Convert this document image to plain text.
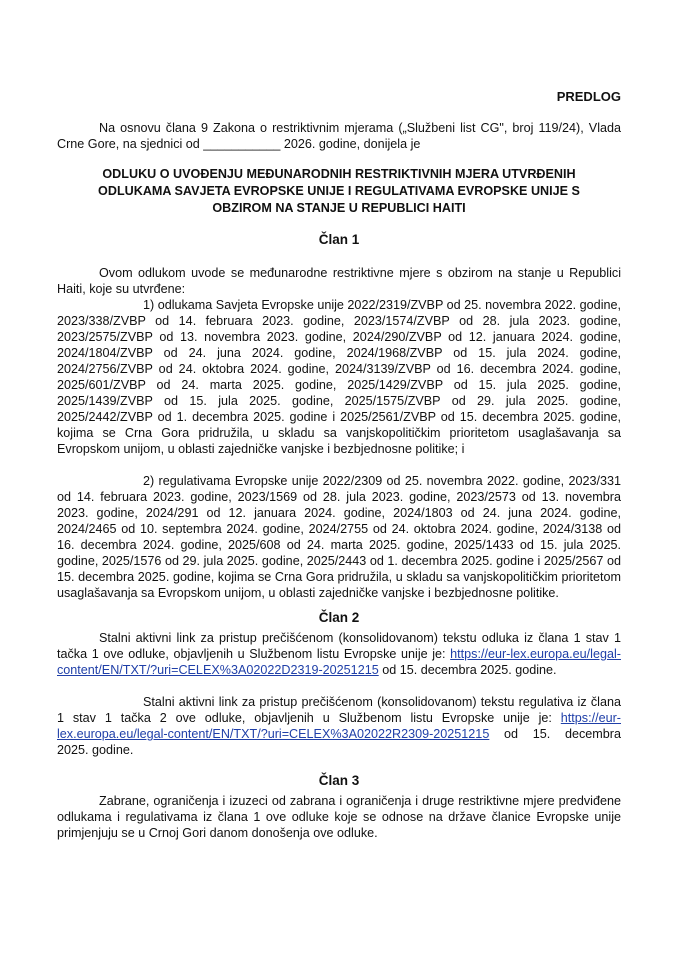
PREDLOG

Na osnovu člana 9 Zakona o restriktivnim mjerama („Službeni list CG", broj 119/24), Vlada Crne Gore, na sjednici od ___________ 2026. godine, donijela je

ODLUKU O UVOĐENJU MEĐUNARODNIH RESTRIKTIVNIH MJERA UTVRĐENIH ODLUKAMA SAVJETA EVROPSKE UNIJE I REGULATIVAMA EVROPSKE UNIJE S OBZIROM NA STANJE U REPUBLICI HAITI

Član 1

Ovom odlukom uvode se međunarodne restriktivne mjere s obzirom na stanje u Republici Haiti, koje su utvrđene:

1) odlukama Savjeta Evropske unije 2022/2319/ZVBP od 25. novembra 2022. godine, 2023/338/ZVBP od 14. februara 2023. godine, 2023/1574/ZVBP od 28. jula 2023. godine, 2023/2575/ZVBP od 13. novembra 2023. godine, 2024/290/ZVBP od 12. januara 2024. godine, 2024/1804/ZVBP od 24. juna 2024. godine, 2024/1968/ZVBP od 15. jula 2024. godine, 2024/2756/ZVBP od 24. oktobra 2024. godine, 2024/3139/ZVBP od 16. decembra 2024. godine, 2025/601/ZVBP od 24. marta 2025. godine, 2025/1429/ZVBP od 15. jula 2025. godine, 2025/1439/ZVBP od 15. jula 2025. godine, 2025/1575/ZVBP od 29. jula 2025. godine, 2025/2442/ZVBP od 1. decembra 2025. godine i 2025/2561/ZVBP od 15. decembra 2025. godine, kojima se Crna Gora pridružila, u skladu sa vanjskopolitičkim prioritetom usaglašavanja sa Evropskom unijom, u oblasti zajedničke vanjske i bezbjednosne politike; i

2) regulativama Evropske unije 2022/2309 od 25. novembra 2022. godine, 2023/331 od 14. februara 2023. godine, 2023/1569 od 28. jula 2023. godine, 2023/2573 od 13. novembra 2023. godine, 2024/291 od 12. januara 2024. godine, 2024/1803 od 24. juna 2024. godine, 2024/2465 od 10. septembra 2024. godine, 2024/2755 od 24. oktobra 2024. godine, 2024/3138 od 16. decembra 2024. godine, 2025/608 od 24. marta 2025. godine, 2025/1433 od 15. jula 2025. godine, 2025/1576 od 29. jula 2025. godine, 2025/2443 od 1. decembra 2025. godine i 2025/2567 od 15. decembra 2025. godine, kojima se Crna Gora pridružila, u skladu sa vanjskopolitičkim prioritetom usaglašavanja sa Evropskom unijom, u oblasti zajedničke vanjske i bezbjednosne politike.

Član 2

Stalni aktivni link za pristup prečišćenom (konsolidovanom) tekstu odluka iz člana 1 stav 1 tačka 1 ove odluke, objavljenih u Službenom listu Evropske unije je: https://eur-lex.europa.eu/legal-content/EN/TXT/?uri=CELEX%3A02022D2319-20251215 od 15. decembra 2025. godine.

Stalni aktivni link za pristup prečišćenom (konsolidovanom) tekstu regulativa iz člana 1 stav 1 tačka 2 ove odluke, objavljenih u Službenom listu Evropske unije je: https://eur-lex.europa.eu/legal-content/EN/TXT/?uri=CELEX%3A02022R2309-20251215 od 15. decembra 2025. godine.

Član 3

Zabrane, ograničenja i izuzeci od zabrana i ograničenja i druge restriktivne mjere predviđene odlukama i regulativama iz člana 1 ove odluke koje se odnose na države članice Evropske unije primjenjuju se u Crnoj Gori danom donošenja ove odluke.
